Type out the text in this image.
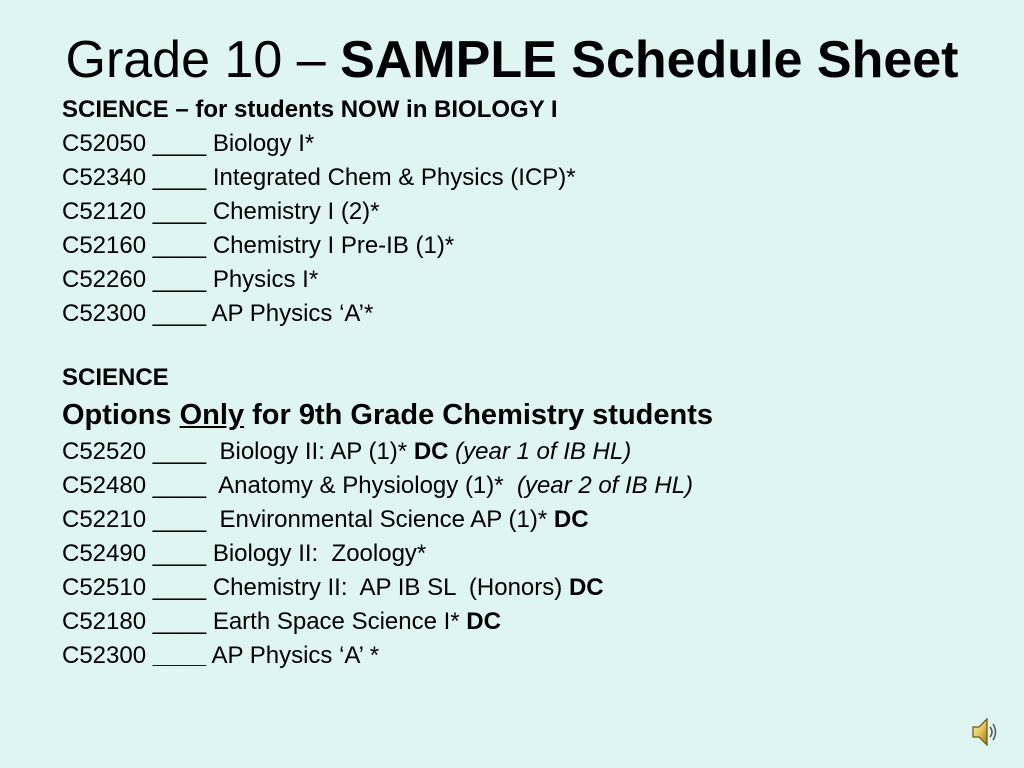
Grade 10 – SAMPLE Schedule Sheet
SCIENCE – for students NOW in BIOLOGY I
C52050 ____ Biology I*
C52340 ____ Integrated Chem & Physics (ICP)*
C52120 ____ Chemistry I (2)*
C52160 ____ Chemistry I Pre-IB (1)*
C52260 ____ Physics I*
C52300 ____ AP Physics ‘A’*
SCIENCE
Options Only for 9th Grade Chemistry students
C52520 ____ Biology II: AP (1)* DC (year 1 of IB HL)
C52480 ____ Anatomy & Physiology (1)* (year 2 of IB HL)
C52210 ____ Environmental Science AP (1)* DC
C52490 ____ Biology II:  Zoology*
C52510 ____ Chemistry II:  AP IB SL  (Honors) DC
C52180 ____ Earth Space Science I* DC
C52300 ____ AP Physics ‘A’ *
